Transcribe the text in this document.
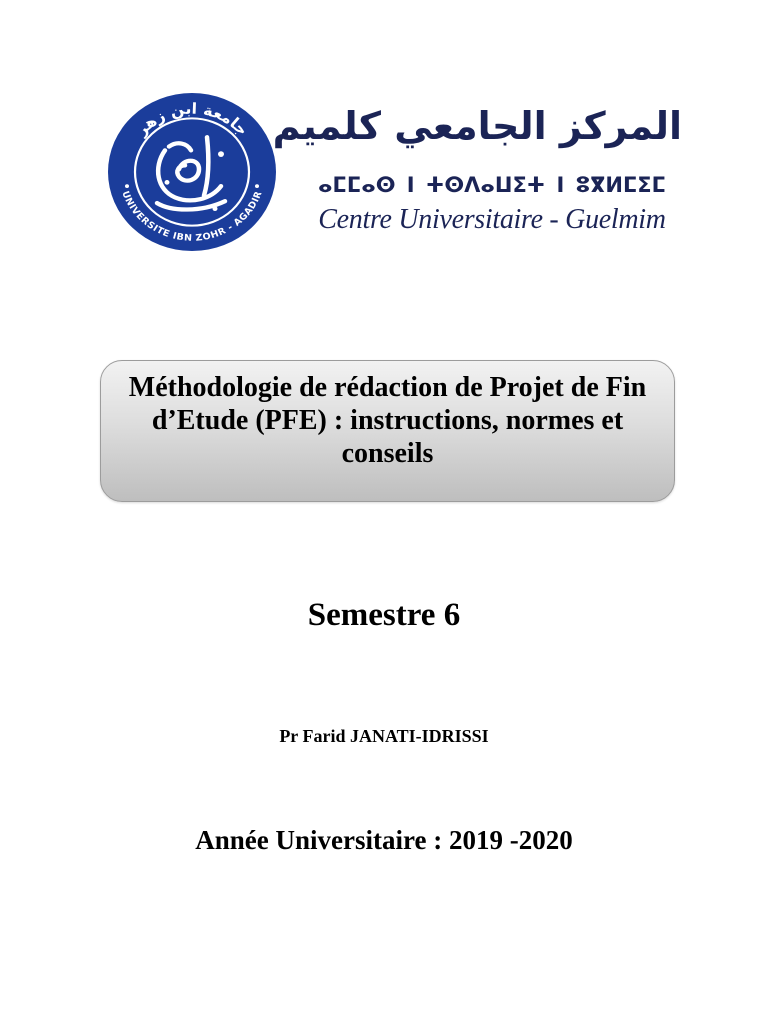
جامعة ابن زهر
UNIVERSITE IBN ZOHR - AGADIR
المركز الجامعي كلميم
ⴰⵎⵎⴰⵙ ⵏ ⵜⵙⴷⴰⵡⵉⵜ ⵏ ⵓⴳⵍⵎⵉⵎ
Centre Universitaire - Guelmim
Méthodologie de rédaction de Projet de Fin d’Etude (PFE) : instructions, normes et conseils
Semestre 6
Pr Farid JANATI-IDRISSI
Année Universitaire : 2019 -2020
